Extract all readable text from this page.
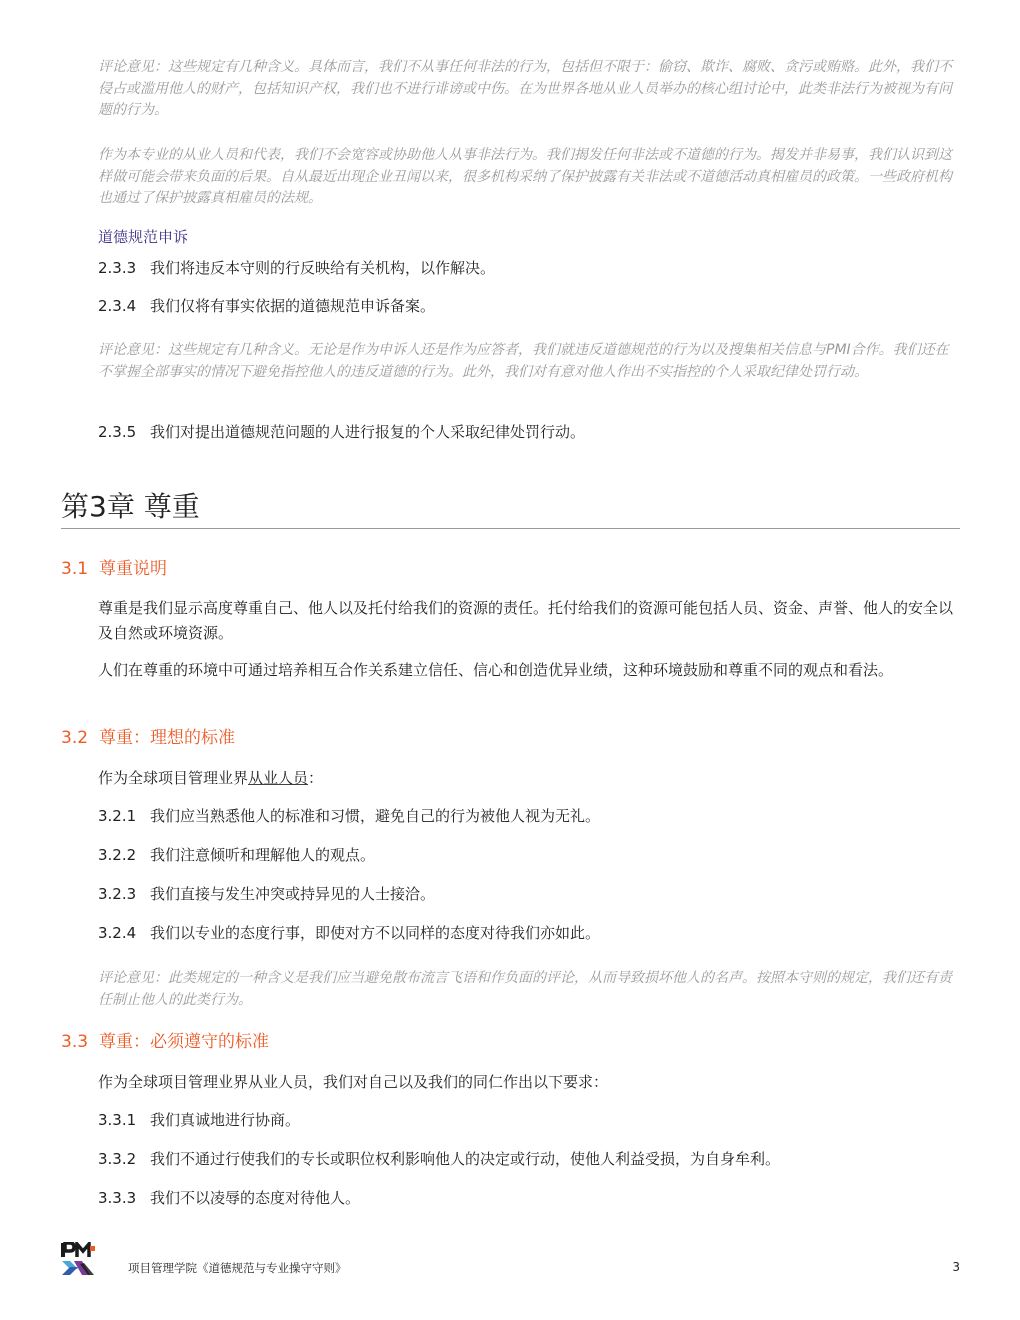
评论意见：这些规定有几种含义。具体而言，我们不从事任何非法的行为，包括但不限于：偷窃、欺诈、腐败、贪污或贿赂。此外，我们不侵占或滥用他人的财产，包括知识产权，我们也不进行诽谤或中伤。在为世界各地从业人员举办的核心组讨论中，此类非法行为被视为有问题的行为。
作为本专业的从业人员和代表，我们不会宽容或协助他人从事非法行为。我们揭发任何非法或不道德的行为。揭发并非易事，我们认识到这样做可能会带来负面的后果。自从最近出现企业丑闻以来，很多机构采纳了保护披露有关非法或不道德活动真相雇员的政策。一些政府机构也通过了保护披露真相雇员的法规。
道德规范申诉
2.3.3 我们将违反本守则的行反映给有关机构，以作解决。
2.3.4 我们仅将有事实依据的道德规范申诉备案。
评论意见：这些规定有几种含义。无论是作为申诉人还是作为应答者，我们就违反道德规范的行为以及搜集相关信息与PMI合作。我们还在不掌握全部事实的情况下避免指控他人的违反道德的行为。此外，我们对有意对他人作出不实指控的个人采取纪律处罚行动。
2.3.5 我们对提出道德规范问题的人进行报复的个人采取纪律处罚行动。
第3章 尊重
3.1 尊重说明
尊重是我们显示高度尊重自己、他人以及托付给我们的资源的责任。托付给我们的资源可能包括人员、资金、声誉、他人的安全以及自然或环境资源。
人们在尊重的环境中可通过培养相互合作关系建立信任、信心和创造优异业绩，这种环境鼓励和尊重不同的观点和看法。
3.2 尊重：理想的标准
作为全球项目管理业界从业人员：
3.2.1 我们应当熟悉他人的标准和习惯，避免自己的行为被他人视为无礼。
3.2.2 我们注意倾听和理解他人的观点。
3.2.3 我们直接与发生冲突或持异见的人士接洽。
3.2.4 我们以专业的态度行事，即使对方不以同样的态度对待我们亦如此。
评论意见：此类规定的一种含义是我们应当避免散布流言飞语和作负面的评论，从而导致损坏他人的名声。按照本守则的规定，我们还有责任制止他人的此类行为。
3.3 尊重：必须遵守的标准
作为全球项目管理业界从业人员，我们对自己以及我们的同仁作出以下要求：
3.3.1 我们真诚地进行协商。
3.3.2 我们不通过行使我们的专长或职位权利影响他人的决定或行动，使他人利益受损，为自身牟利。
3.3.3 我们不以凌辱的态度对待他人。
项目管理学院《道德规范与专业操守守则》	3
